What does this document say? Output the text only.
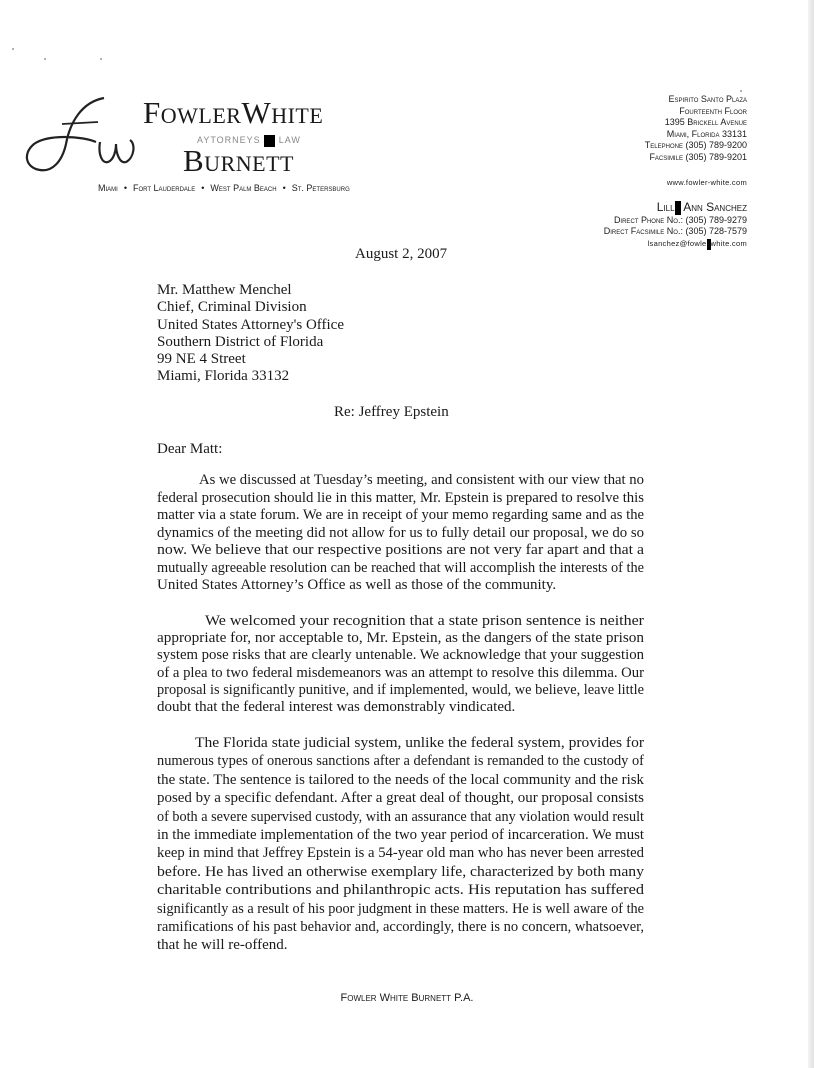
FowlerWhite
AYTORNEYS LAW
Burnett
Miami • Fort Lauderdale • West Palm Beach • St. Petersburg
Espirito Santo Plaza
Fourteenth Floor
1395 Brickell Avenue
Miami, Florida 33131
Telephone (305) 789-9200
Facsimile (305) 789-9201
www.fowler-white.com
Lill Ann Sanchez
Direct Phone No.: (305) 789-9279
Direct Facsimile No.: (305) 728-7579
lsanchez@fowle white.com
August 2, 2007
Mr. Matthew Menchel
Chief, Criminal Division
United States Attorney's Office
Southern District of Florida
99 NE 4 Street
Miami, Florida 33132
Re: Jeffrey Epstein
Dear Matt:
As we discussed at Tuesday’s meeting, and consistent with our view that no
federal prosecution should lie in this matter, Mr. Epstein is prepared to resolve this
matter via a state forum. We are in receipt of your memo regarding same and as the
dynamics of the meeting did not allow for us to fully detail our proposal, we do so
now. We believe that our respective positions are not very far apart and that a
mutually agreeable resolution can be reached that will accomplish the interests of the
United States Attorney’s Office as well as those of the community.
We welcomed your recognition that a state prison sentence is neither
appropriate for, nor acceptable to, Mr. Epstein, as the dangers of the state prison
system pose risks that are clearly untenable. We acknowledge that your suggestion
of a plea to two federal misdemeanors was an attempt to resolve this dilemma. Our
proposal is significantly punitive, and if implemented, would, we believe, leave little
doubt that the federal interest was demonstrably vindicated.
The Florida state judicial system, unlike the federal system, provides for
numerous types of onerous sanctions after a defendant is remanded to the custody of
the state. The sentence is tailored to the needs of the local community and the risk
posed by a specific defendant. After a great deal of thought, our proposal consists
of both a severe supervised custody, with an assurance that any violation would result
in the immediate implementation of the two year period of incarceration. We must
keep in mind that Jeffrey Epstein is a 54-year old man who has never been arrested
before. He has lived an otherwise exemplary life, characterized by both many
charitable contributions and philanthropic acts. His reputation has suffered
significantly as a result of his poor judgment in these matters. He is well aware of the
ramifications of his past behavior and, accordingly, there is no concern, whatsoever,
that he will re-offend.
Fowler White Burnett P.A.
